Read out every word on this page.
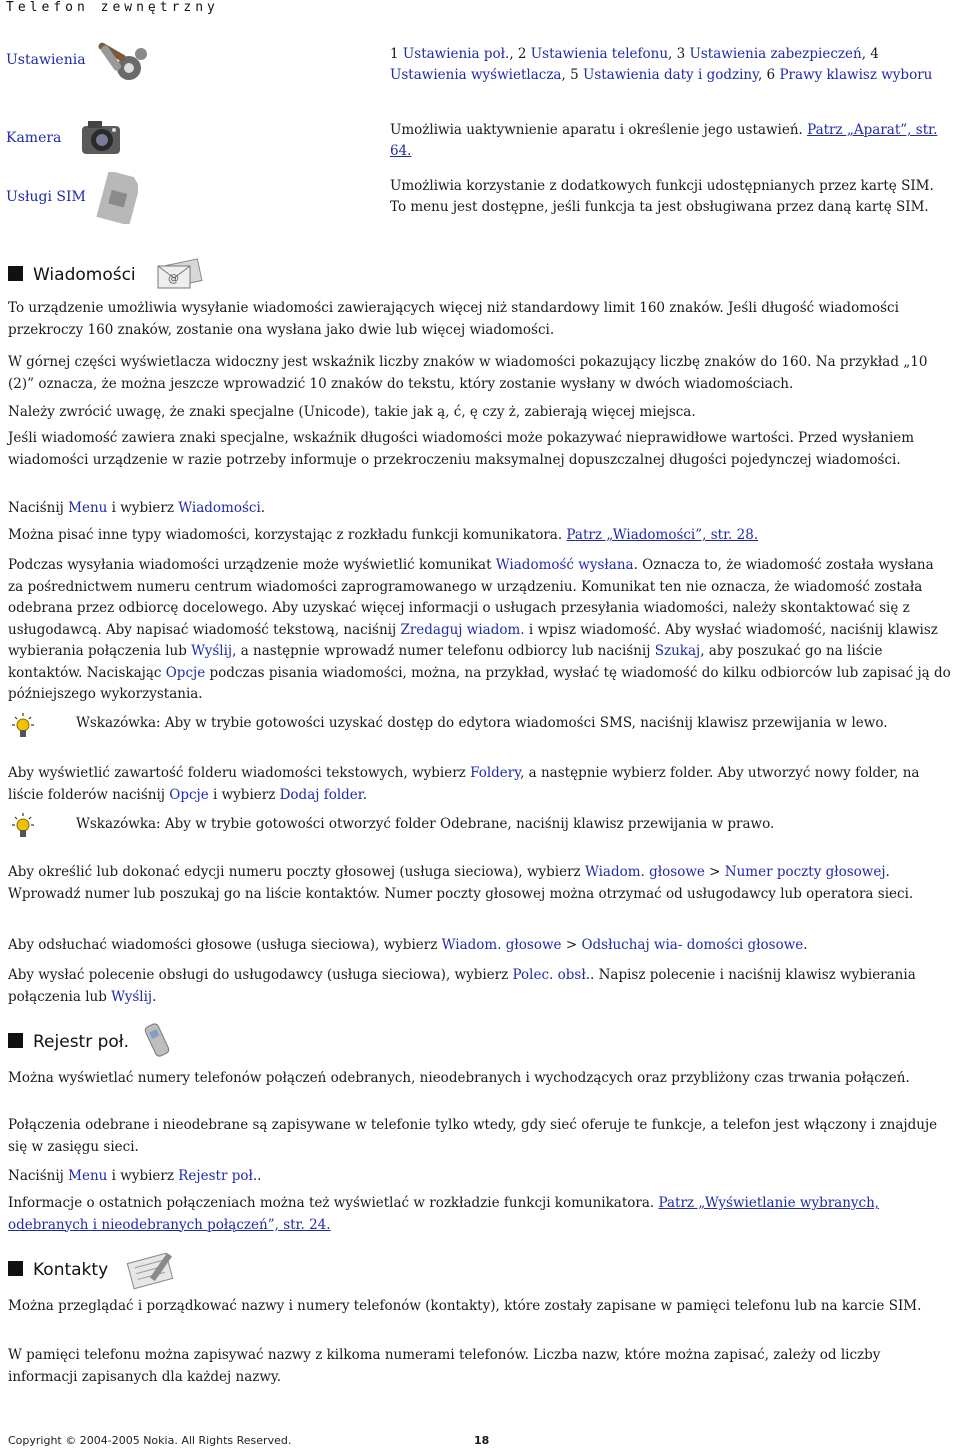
Telefon zewnętrzny
Ustawienia
Kamera
Usługi SIM
1 Ustawienia poł., 2 Ustawienia telefonu, 3 Ustawienia zabezpieczeń, 4 Ustawienia wyświetlacza, 5 Ustawienia daty i godziny, 6 Prawy klawisz wyboru
Umożliwia uaktywnienie aparatu i określenie jego ustawień. Patrz „Aparat”, str. 64.
Umożliwia korzystanie z dodatkowych funkcji udostępnianych przez kartę SIM. To menu jest dostępne, jeśli funkcja ta jest obsługiwana przez daną kartę SIM.
Wiadomości	@
To urządzenie umożliwia wysyłanie wiadomości zawierających więcej niż standardowy limit 160 znaków. Jeśli długość wiadomości przekroczy 160 znaków, zostanie ona wysłana jako dwie lub więcej wiadomości.
W górnej części wyświetlacza widoczny jest wskaźnik liczby znaków w wiadomości pokazujący liczbę znaków do 160. Na przykład „10 (2)” oznacza, że można jeszcze wprowadzić 10 znaków do tekstu, który zostanie wysłany w dwóch wiadomościach.
Należy zwrócić uwagę, że znaki specjalne (Unicode), takie jak ą, ć, ę czy ż, zabierają więcej miejsca.
Jeśli wiadomość zawiera znaki specjalne, wskaźnik długości wiadomości może pokazywać nieprawidłowe wartości. Przed wysłaniem wiadomości urządzenie w razie potrzeby informuje o przekroczeniu maksymalnej dopuszczalnej długości pojedynczej wiadomości.
Naciśnij Menu i wybierz Wiadomości.
Można pisać inne typy wiadomości, korzystając z rozkładu funkcji komunikatora. Patrz „Wiadomości”, str. 28.
Podczas wysyłania wiadomości urządzenie może wyświetlić komunikat Wiadomość wysłana. Oznacza to, że wiadomość została wysłana za pośrednictwem numeru centrum wiadomości zaprogramowanego w urządzeniu. Komunikat ten nie oznacza, że wiadomość została odebrana przez odbiorcę docelowego. Aby uzyskać więcej informacji o usługach przesyłania wiadomości, należy skontaktować się z usługodawcą. Aby napisać wiadomość tekstową, naciśnij Zredaguj wiadom. i wpisz wiadomość. Aby wysłać wiadomość, naciśnij klawisz wybierania połączenia lub Wyślij, a następnie wprowadź numer telefonu odbiorcy lub naciśnij Szukaj, aby poszukać go na liście kontaktów. Naciskając Opcje podczas pisania wiadomości, można, na przykład, wysłać tę wiadomość do kilku odbiorców lub zapisać ją do późniejszego wykorzystania.
Wskazówka: Aby w trybie gotowości uzyskać dostęp do edytora wiadomości SMS, naciśnij klawisz przewijania w lewo.
Aby wyświetlić zawartość folderu wiadomości tekstowych, wybierz Foldery, a następnie wybierz folder. Aby utworzyć nowy folder, na liście folderów naciśnij Opcje i wybierz Dodaj folder.
Wskazówka: Aby w trybie gotowości otworzyć folder Odebrane, naciśnij klawisz przewijania w prawo.
Aby określić lub dokonać edycji numeru poczty głosowej (usługa sieciowa), wybierz Wiadom. głosowe > Numer poczty głosowej. Wprowadź numer lub poszukaj go na liście kontaktów. Numer poczty głosowej można otrzymać od usługodawcy lub operatora sieci.
Aby odsłuchać wiadomości głosowe (usługa sieciowa), wybierz Wiadom. głosowe > Odsłuchaj wia- domości głosowe.
Aby wysłać polecenie obsługi do usługodawcy (usługa sieciowa), wybierz Polec. obsł.. Napisz polecenie i naciśnij klawisz wybierania połączenia lub Wyślij.
Rejestr poł.
Można wyświetlać numery telefonów połączeń odebranych, nieodebranych i wychodzących oraz przybliżony czas trwania połączeń.
Połączenia odebrane i nieodebrane są zapisywane w telefonie tylko wtedy, gdy sieć oferuje te funkcje, a telefon jest włączony i znajduje się w zasięgu sieci.
Naciśnij Menu i wybierz Rejestr poł..
Informacje o ostatnich połączeniach można też wyświetlać w rozkładzie funkcji komunikatora. Patrz „Wyświetlanie wybranych, odebranych i nieodebranych połączeń”, str. 24.
Kontakty
Można przeglądać i porządkować nazwy i numery telefonów (kontakty), które zostały zapisane w pamięci telefonu lub na karcie SIM.
W pamięci telefonu można zapisywać nazwy z kilkoma numerami telefonów. Liczba nazw, które można zapisać, zależy od liczby informacji zapisanych dla każdej nazwy.
Copyright © 2004-2005 Nokia. All Rights Reserved.	18
